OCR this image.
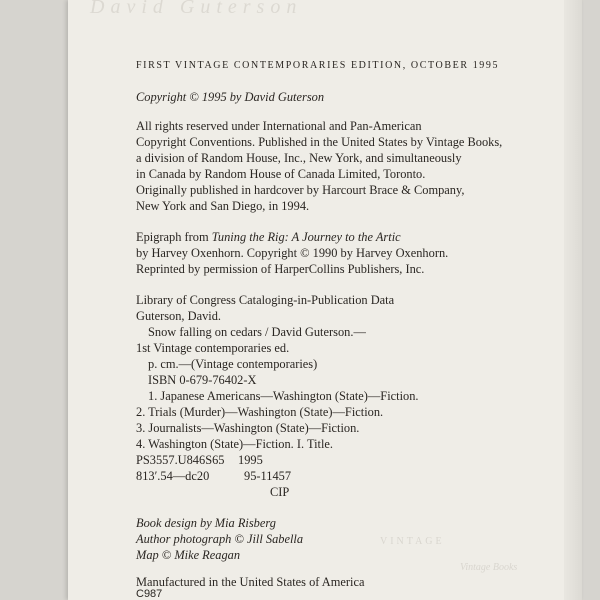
David Guterson
VINTAGE
Vintage Books
FIRST VINTAGE CONTEMPORARIES EDITION, OCTOBER 1995
Copyright © 1995 by David Guterson
All rights reserved under International and Pan-American
Copyright Conventions. Published in the United States by Vintage Books,
a division of Random House, Inc., New York, and simultaneously
in Canada by Random House of Canada Limited, Toronto.
Originally published in hardcover by Harcourt Brace & Company,
New York and San Diego, in 1994.
Epigraph from Tuning the Rig: A Journey to the Artic
by Harvey Oxenhorn. Copyright © 1990 by Harvey Oxenhorn.
Reprinted by permission of HarperCollins Publishers, Inc.
Library of Congress Cataloging-in-Publication Data
Guterson, David.
Snow falling on cedars / David Guterson.—
1st Vintage contemporaries ed.
p. cm.—(Vintage contemporaries)
ISBN 0-679-76402-X
1. Japanese Americans—Washington (State)—Fiction.
2. Trials (Murder)—Washington (State)—Fiction.
3. Journalists—Washington (State)—Fiction.
4. Washington (State)—Fiction. I. Title.
PS3557.U846S65 1995
813′.54—dc20	95-11457
CIP
Book design by Mia Risberg
Author photograph © Jill Sabella
Map © Mike Reagan
Manufactured in the United States of America
C987
